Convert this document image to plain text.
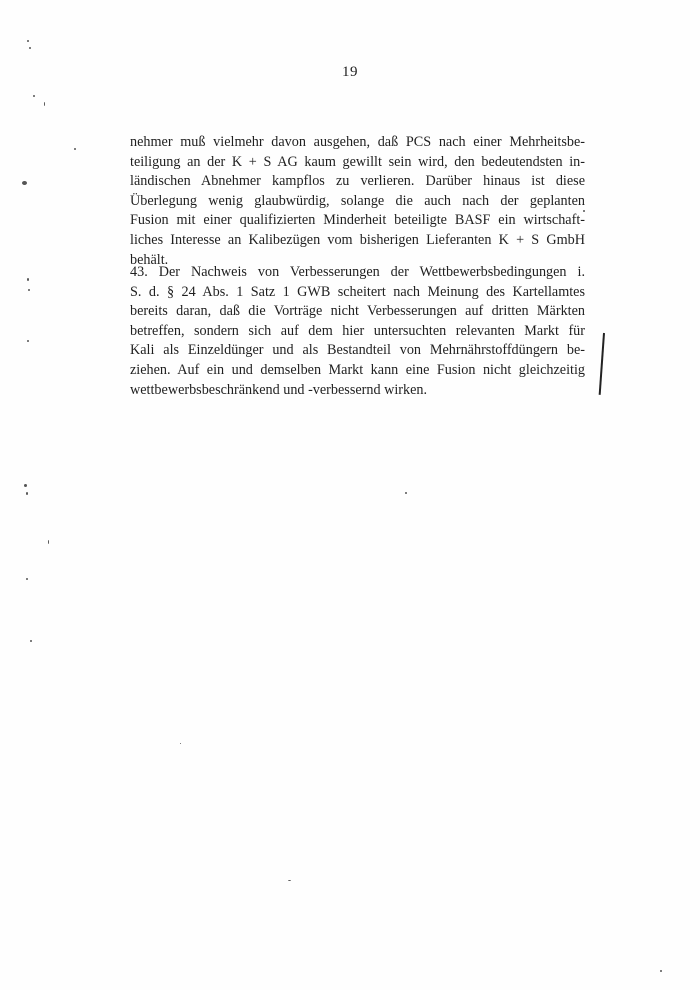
19
nehmer muß vielmehr davon ausgehen, daß PCS nach einer Mehrheitsbe-
teiligung an der K + S AG kaum gewillt sein wird, den bedeutendsten in-
ländischen Abnehmer kampflos zu verlieren. Darüber hinaus ist diese
Überlegung wenig glaubwürdig, solange die auch nach der geplanten
Fusion mit einer qualifizierten Minderheit beteiligte BASF ein wirtschaft-
liches Interesse an Kalibezügen vom bisherigen Lieferanten K + S GmbH
behält.
43. Der Nachweis von Verbesserungen der Wettbewerbsbedingungen i.
S. d. § 24 Abs. 1 Satz 1 GWB scheitert nach Meinung des Kartellamtes
bereits daran, daß die Vorträge nicht Verbesserungen auf dritten Märkten
betreffen, sondern sich auf dem hier untersuchten relevanten Markt für
Kali als Einzeldünger und als Bestandteil von Mehrnährstoffdüngern be-
ziehen. Auf ein und demselben Markt kann eine Fusion nicht gleichzeitig
wettbewerbsbeschränkend und -verbessernd wirken.
